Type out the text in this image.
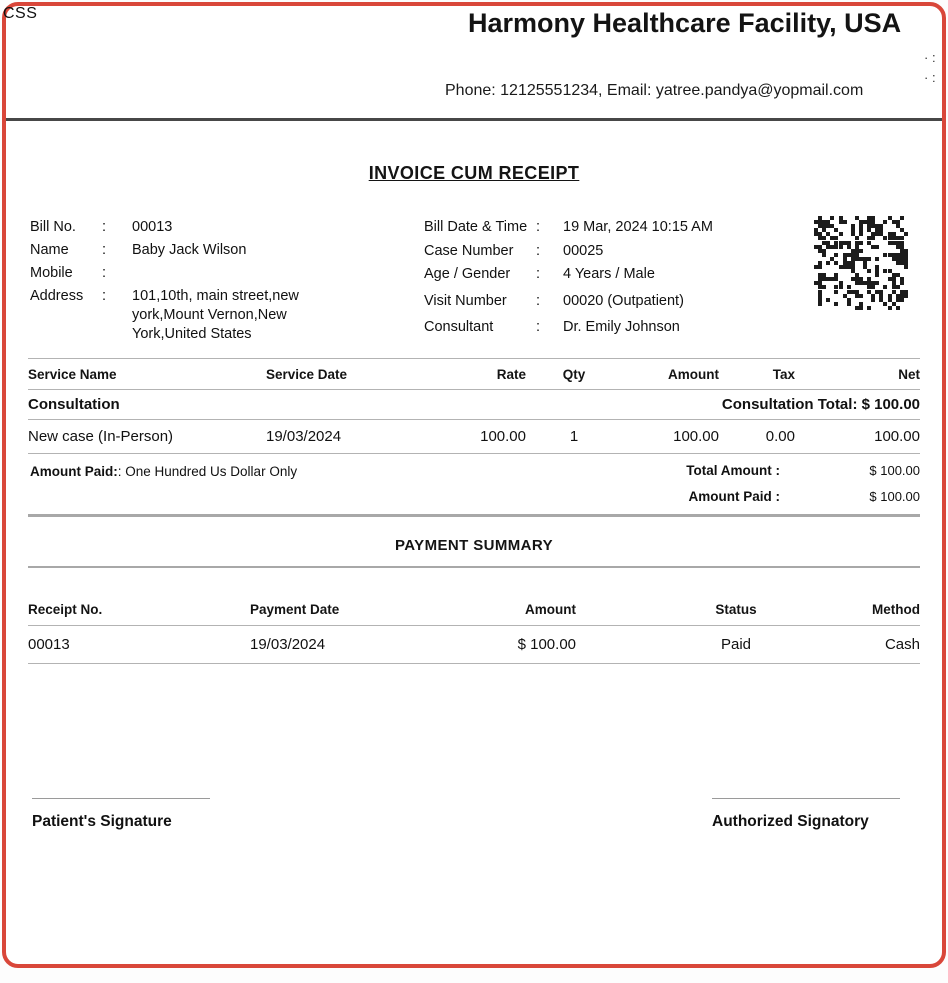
CSS	Harmony Healthcare Facility, USA
Phone: 12125551234, Email: yatree.pandya@yopmail.com
· :
· :
INVOICE CUM RECEIPT
Bill No.	:	00013
Name	:	Baby Jack Wilson
Mobile	:
Address	:	101,10th, main street,new york,Mount Vernon,New York,United States
Bill Date & Time :	19 Mar, 2024 10:15 AM
Case Number	:	00025
Age / Gender	:	4 Years / Male
Visit Number	:	00020 (Outpatient)
Consultant	:	Dr. Emily Johnson
Service Name	Service Date	Rate	Qty	Amount	Tax	Net
Consultation		Consultation Total: $ 100.00				
New case (In-Person)	19/03/2024	100.00	1	100.00	0.00	100.00
Amount Paid:: One Hundred Us Dollar Only	Total Amount :	$ 100.00
Amount Paid :	$ 100.00
PAYMENT SUMMARY
Receipt No.	Payment Date	Amount	Status	Method
00013	19/03/2024	$ 100.00	Paid	Cash
Patient's Signature	Authorized Signatory
